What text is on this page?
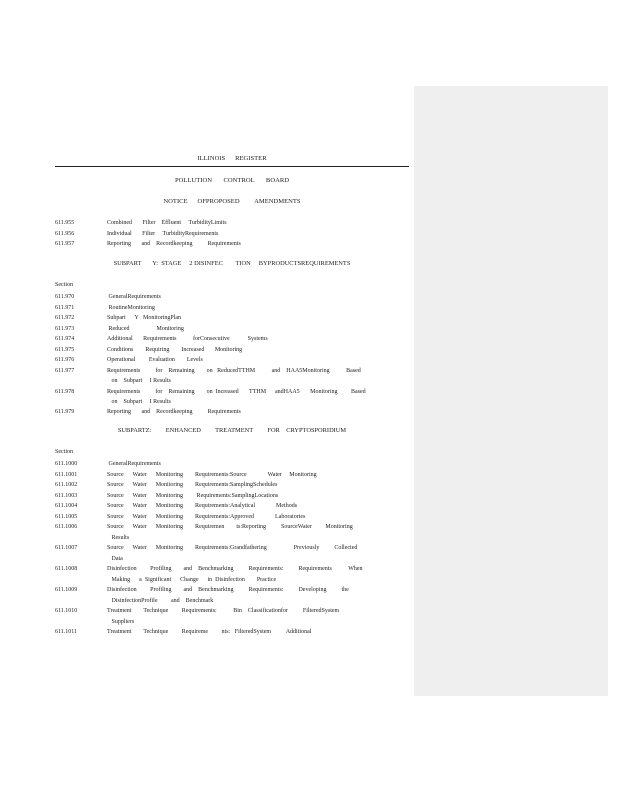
ILLINOIS      REGISTER
POLLUTION       CONTROL       BOARD
NOTICE      OFPROPOSED         AMENDMENTS
611.955	Combined       Filter    Effluent     TurbidityLimits
611.956	Individual       Filter     TurbidityRequirements
611.957	Reporting       and    Recordkeeping          Requirements
SUBPART       Y:  STAGE     2 DISINFEC        TION     BYPRODUCTSREQUIREMENTS
Section
611.970	GeneralRequirements
611.971	RoutineMonitoring
611.972	Subpart      Y   MonitoringPlan
611.973	Reduced                  Monitoring
611.974	Additional       Requirements           forConsecutive            Systems
611.975	Conditions        Requiring        Increased       Monitoring
611.976	Operational         Evaluation        Levels
611.977	Requirements          for    Remaining        on   ReducedTTHM           and    HAA5Monitoring           Based
on    Subpart     I Results
611.978	Requirements          for    Remaining        on  Increased       TTHM      andHAA5       Monitoring         Based
on    Subpart     I Results
611.979	Reporting       and    Recordkeeping          Requirements
SUBPARTZ:         ENHANCED         TREATMENT         FOR    CRYPTOSPORIDIUM
Section
611.1000	GeneralRequirements
611.1001	Source      Water      Monitoring        Requirements:Source              Water     Monitoring
611.1002	Source      Water      Monitoring        Requirements:SamplingSchedules
611.1003	Source      Water      Monitoring         Requirements:SamplingLocations
611.1004	Source      Water      Monitoring        Requirements:Analytical              Methods
611.1005	Source      Water      Monitoring        Requirements:Approved              Laboratories
611.1006	Source      Water      Monitoring        Requiremen        ts:Reporting          SourceWater         Monitoring
Results
611.1007	Source      Water      Monitoring        Requirements:Grandfathering                  Previously          Collected
Data
611.1008	Disinfection         Profiling        and    Benchmarking          Requirements:          Requirements           When
Making      a  Significant      Change      in  Disinfection        Practice
611.1009	Disinfection         Profiling        and    Benchmarking          Requirements:          Developing          the
DisinfectionProfile         and    Benchmark
611.1010	Treatment        Technique         Requirements:           Bin    Classificationfor          FilteredSystem
Suppliers
611.1011	Treatment        Technique         Requireme         nts:   FilteredSystem          Additional
